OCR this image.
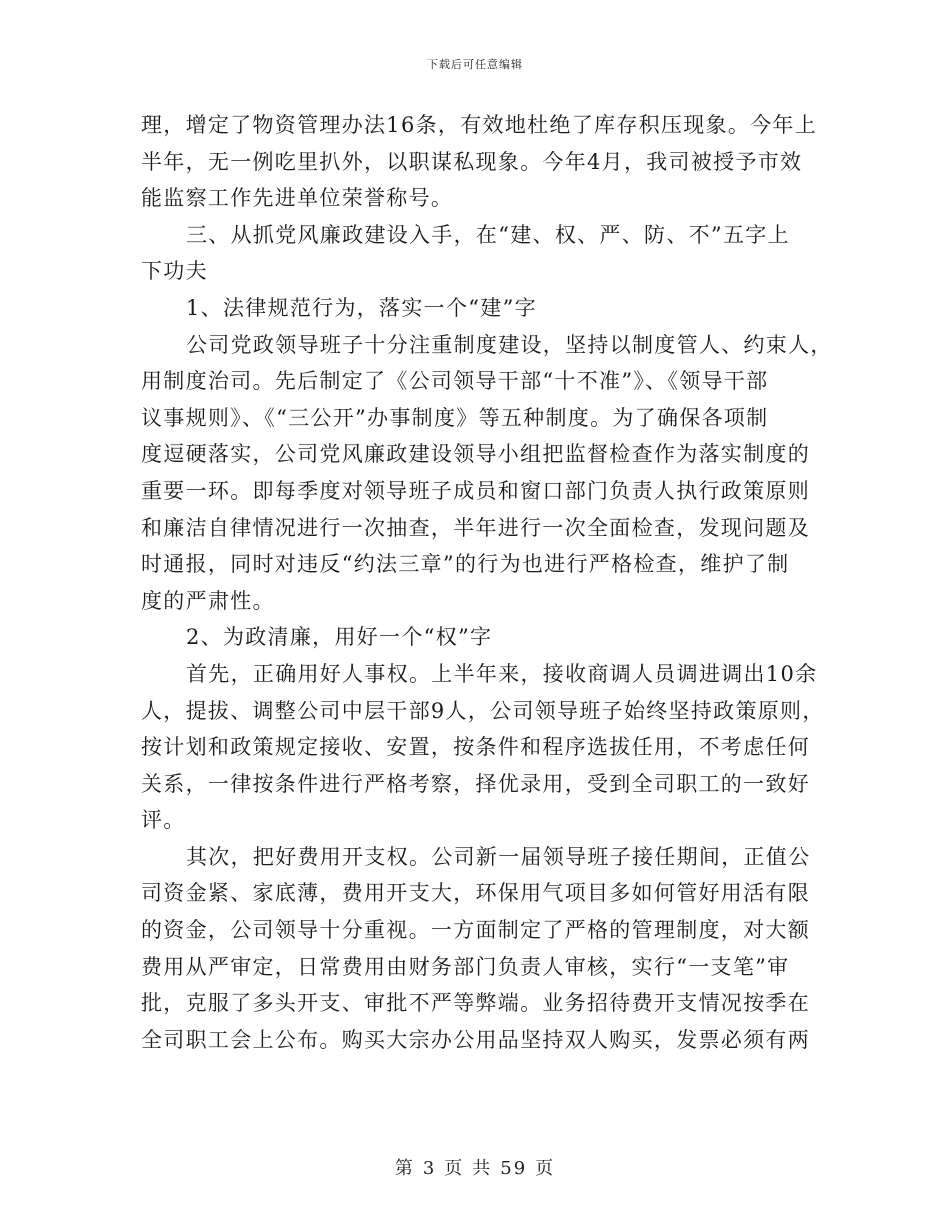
下载后可任意编辑
理，增定了物资管理办法16条，有效地杜绝了库存积压现象。今年上
半年，无一例吃里扒外，以职谋私现象。今年4月，我司被授予市效
能监察工作先进单位荣誉称号。
三、从抓党风廉政建设入手，在“建、权、严、防、不”五字上
下功夫
1、法律规范行为，落实一个“建”字
公司党政领导班子十分注重制度建设，坚持以制度管人、约束人，
用制度治司。先后制定了《公司领导干部“十不准”》、《领导干部
议事规则》、《“三公开”办事制度》等五种制度。为了确保各项制
度逗硬落实，公司党风廉政建设领导小组把监督检查作为落实制度的
重要一环。即每季度对领导班子成员和窗口部门负责人执行政策原则
和廉洁自律情况进行一次抽查，半年进行一次全面检查，发现问题及
时通报，同时对违反“约法三章”的行为也进行严格检查，维护了制
度的严肃性。
2、为政清廉，用好一个“权”字
首先，正确用好人事权。上半年来，接收商调人员调进调出10余
人，提拔、调整公司中层干部9人，公司领导班子始终坚持政策原则，
按计划和政策规定接收、安置，按条件和程序选拔任用，不考虑任何
关系，一律按条件进行严格考察，择优录用，受到全司职工的一致好
评。
其次，把好费用开支权。公司新一届领导班子接任期间，正值公
司资金紧、家底薄，费用开支大，环保用气项目多如何管好用活有限
的资金，公司领导十分重视。一方面制定了严格的管理制度，对大额
费用从严审定，日常费用由财务部门负责人审核，实行“一支笔”审
批，克服了多头开支、审批不严等弊端。业务招待费开支情况按季在
全司职工会上公布。购买大宗办公用品坚持双人购买，发票必须有两
第 3 页 共 59 页
